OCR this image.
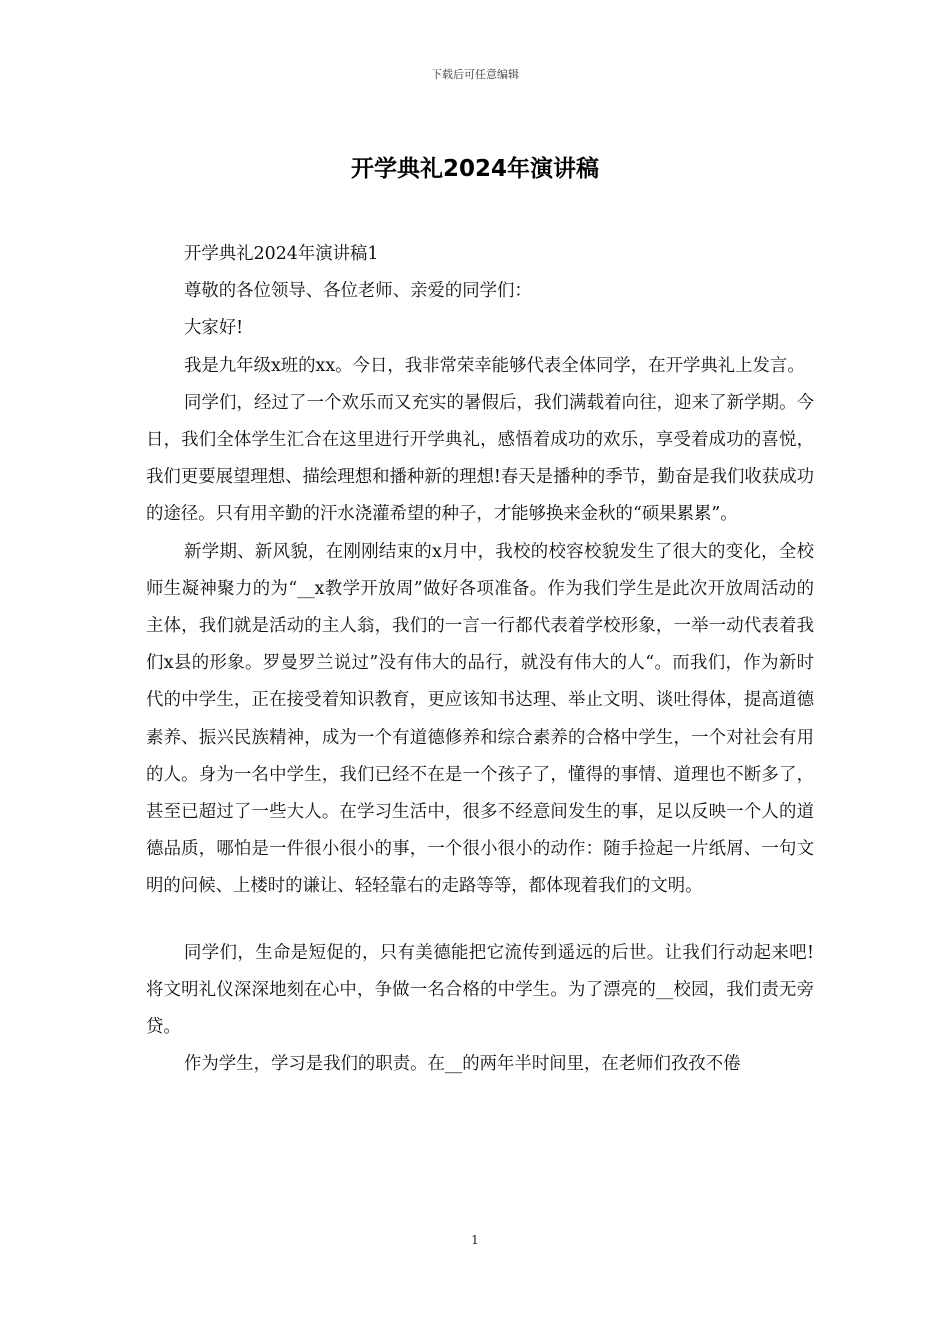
下载后可任意编辑
开学典礼2024年演讲稿

开学典礼2024年演讲稿1

尊敬的各位领导、各位老师、亲爱的同学们：

大家好!

我是九年级x班的xx。今日，我非常荣幸能够代表全体同学，在开学典礼上发言。

同学们，经过了一个欢乐而又充实的暑假后，我们满载着向往，迎来了新学期。今日，我们全体学生汇合在这里进行开学典礼，感悟着成功的欢乐，享受着成功的喜悦，我们更要展望理想、描绘理想和播种新的理想!春天是播种的季节，勤奋是我们收获成功的途径。只有用辛勤的汗水浇灌希望的种子，才能够换来金秋的“硕果累累”。

新学期、新风貌，在刚刚结束的x月中，我校的校容校貌发生了很大的变化，全校师生凝神聚力的为“__x教学开放周”做好各项准备。作为我们学生是此次开放周活动的主体，我们就是活动的主人翁，我们的一言一行都代表着学校形象，一举一动代表着我们x县的形象。罗曼罗兰说过”没有伟大的品行，就没有伟大的人“。而我们，作为新时代的中学生，正在接受着知识教育，更应该知书达理、举止文明、谈吐得体，提高道德素养、振兴民族精神，成为一个有道德修养和综合素养的合格中学生，一个对社会有用的人。身为一名中学生，我们已经不在是一个孩子了，懂得的事情、道理也不断多了，甚至已超过了一些大人。在学习生活中，很多不经意间发生的事，足以反映一个人的道德品质，哪怕是一件很小很小的事，一个很小很小的动作：随手捡起一片纸屑、一句文明的问候、上楼时的谦让、轻轻靠右的走路等等，都体现着我们的文明。

同学们，生命是短促的，只有美德能把它流传到遥远的后世。让我们行动起来吧!将文明礼仪深深地刻在心中，争做一名合格的中学生。为了漂亮的__校园，我们责无旁贷。

作为学生，学习是我们的职责。在__的两年半时间里，在老师们孜孜不倦

1
